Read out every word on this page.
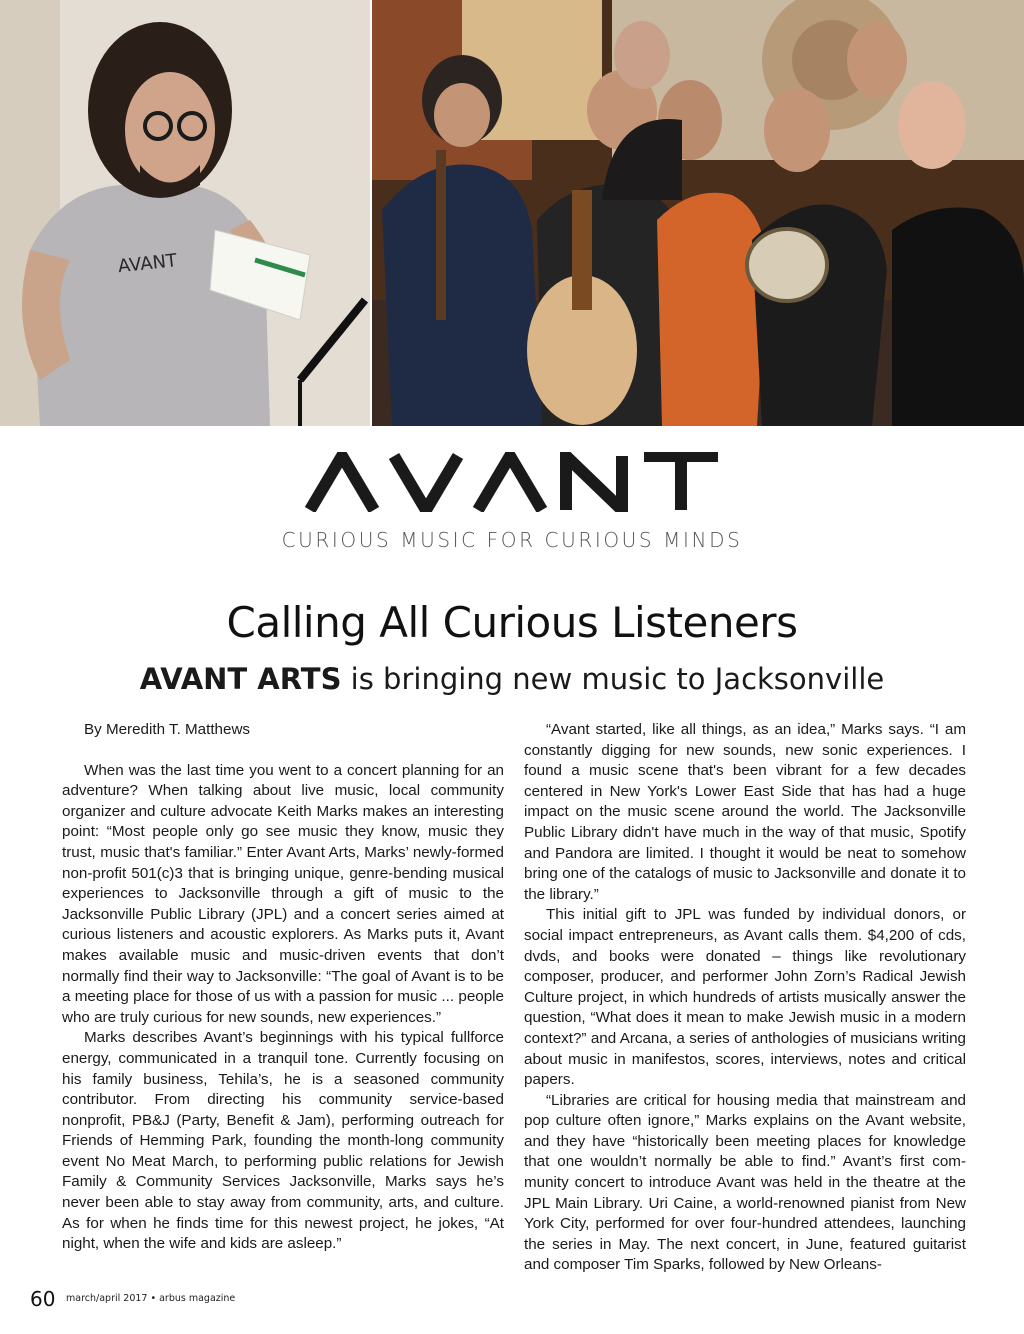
AVANT
CURIOUS MUSIC FOR CURIOUS MINDS
Calling All Curious Listeners
AVANT ARTS is bringing new music to Jacksonville

By Meredith T. Matthews

When was the last time you went to a concert planning for an adventure? When talking about live music, local community organizer and culture advocate Keith Marks makes an interesting point: “Most people only go see music they know, music they trust, music that's familiar.” Enter Avant Arts, Marks’ newly-formed non-profit 501(c)3 that is bringing unique, genre-bending musical experiences to Jacksonville through a gift of music to the Jacksonville Public Library (JPL) and a concert series aimed at curious listeners and acoustic explorers. As Marks puts it, Avant makes available music and music-driven events that don’t normally find their way to Jacksonville: “The goal of Avant is to be a meeting place for those of us with a passion for music ... people who are truly curious for new sounds, new experiences.”

Marks describes Avant’s beginnings with his typical fullforce energy, communicated in a tranquil tone. Currently focusing on his family business, Tehila’s, he is a seasoned community contributor. From directing his community service-based nonprofit, PB&J (Party, Benefit & Jam), performing outreach for Friends of Hemming Park, founding the month-long community event No Meat March, to performing public relations for Jewish Family & Community Services Jacksonville, Marks says he’s never been able to stay away from community, arts, and culture. As for when he finds time for this newest project, he jokes, “At night, when the wife and kids are asleep.”

“Avant started, like all things, as an idea,” Marks says. “I am constantly digging for new sounds, new sonic experiences. I found a music scene that's been vibrant for a few decades centered in New York's Lower East Side that has had a huge impact on the music scene around the world. The Jacksonville Public Library didn't have much in the way of that music, Spotify and Pandora are limited. I thought it would be neat to somehow bring one of the catalogs of music to Jacksonville and donate it to the library.”

This initial gift to JPL was funded by individual donors, or social impact entrepreneurs, as Avant calls them. $4,200 of cds, dvds, and books were donated – things like revolutionary composer, producer, and performer John Zorn’s Radical Jewish Culture project, in which hundreds of artists musically answer the question, “What does it mean to make Jewish music in a modern context?” and Arcana, a series of anthologies of musicians writing about music in manifestos, scores, interviews, notes and critical papers.

“Libraries are critical for housing media that mainstream and pop culture often ignore,” Marks explains on the Avant website, and they have “historically been meeting places for knowledge that one wouldn’t normally be able to find.” Avant’s first community concert to introduce Avant was held in the theatre at the JPL Main Library. Uri Caine, a world-renowned pianist from New York City, performed for over four-hundred attendees, launching the series in May. The next concert, in June, featured guitarist and composer Tim Sparks, followed by New Orleans-

60 march/april 2017 • arbus magazine
